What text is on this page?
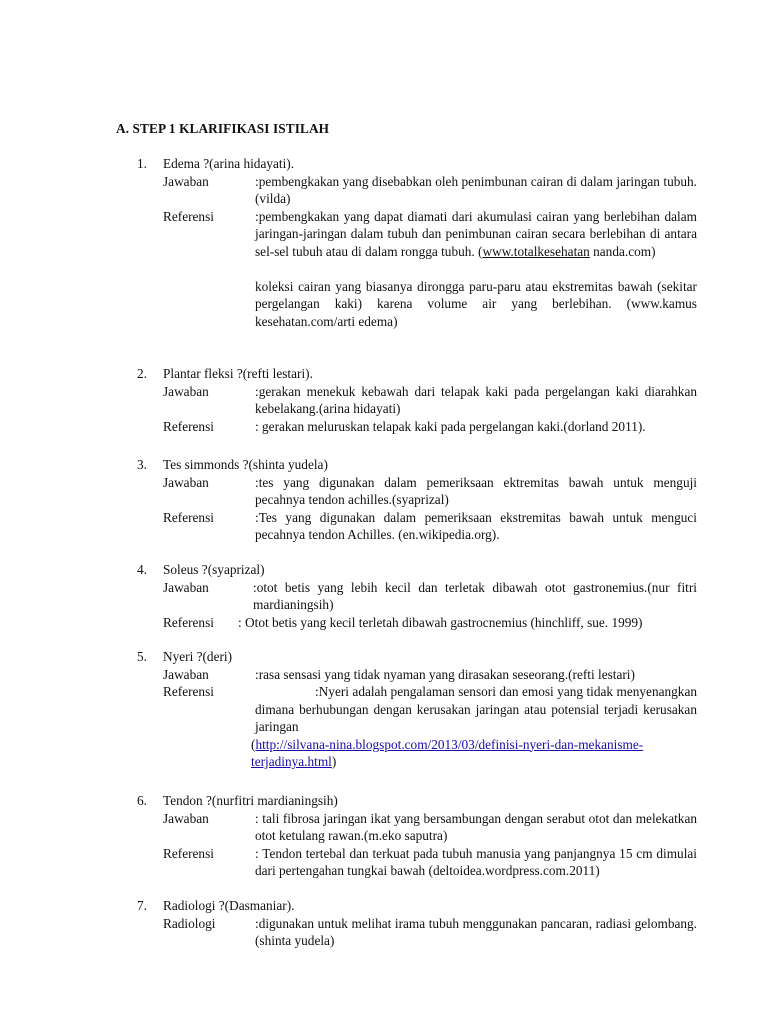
A. STEP 1 KLARIFIKASI ISTILAH
1.	Edema ?(arina hidayati).
Jawaban	:pembengkakan yang disebabkan oleh penimbunan cairan di dalam jaringan tubuh.(vilda)
Referensi	:pembengkakan yang dapat diamati dari akumulasi cairan yang berlebihan dalam jaringan-jaringan dalam tubuh dan penimbunan cairan secara berlebihan di antara sel-sel tubuh atau di dalam rongga tubuh. (www.totalkesehatan nanda.com)
koleksi cairan yang biasanya dirongga paru-paru atau ekstremitas bawah (sekitar pergelangan kaki) karena volume air yang berlebihan. (www.kamus kesehatan.com/arti edema)
2.	Plantar fleksi ?(refti lestari).
Jawaban	:gerakan menekuk kebawah dari telapak kaki pada pergelangan kaki diarahkan kebelakang.(arina hidayati)
Referensi	: gerakan meluruskan telapak kaki pada pergelangan kaki.(dorland 2011).
3.	Tes simmonds ?(shinta yudela)
Jawaban	:tes yang digunakan dalam pemeriksaan ektremitas bawah untuk menguji pecahnya tendon achilles.(syaprizal)
Referensi	:Tes yang digunakan dalam pemeriksaan ekstremitas bawah untuk menguci pecahnya tendon Achilles. (en.wikipedia.org).
4.	Soleus ?(syaprizal)
Jawaban	:otot betis yang lebih kecil dan terletak dibawah otot gastronemius.(nur fitri mardianingsih)
Referensi : Otot betis yang kecil terletah dibawah gastrocnemius (hinchliff, sue. 1999)
5.	Nyeri ?(deri)
Jawaban	:rasa sensasi yang tidak nyaman yang dirasakan seseorang.(refti lestari)
Referensi	:Nyeri adalah pengalaman sensori dan emosi yang tidak menyenangkan dimana berhubungan dengan kerusakan jaringan atau potensial terjadi kerusakan jaringan
(http://silvana-nina.blogspot.com/2013/03/definisi-nyeri-dan-mekanisme-terjadinya.html)
6.	Tendon ?(nurfitri mardianingsih)
Jawaban	: tali fibrosa jaringan ikat yang bersambungan dengan serabut otot dan melekatkan otot ketulang rawan.(m.eko saputra)
Referensi	: Tendon tertebal dan terkuat pada tubuh manusia yang panjangnya 15 cm dimulai dari pertengahan tungkai bawah (deltoidea.wordpress.com.2011)
7.	Radiologi ?(Dasmaniar).
Radiologi	:digunakan untuk melihat irama tubuh menggunakan pancaran, radiasi gelombang.(shinta yudela)
